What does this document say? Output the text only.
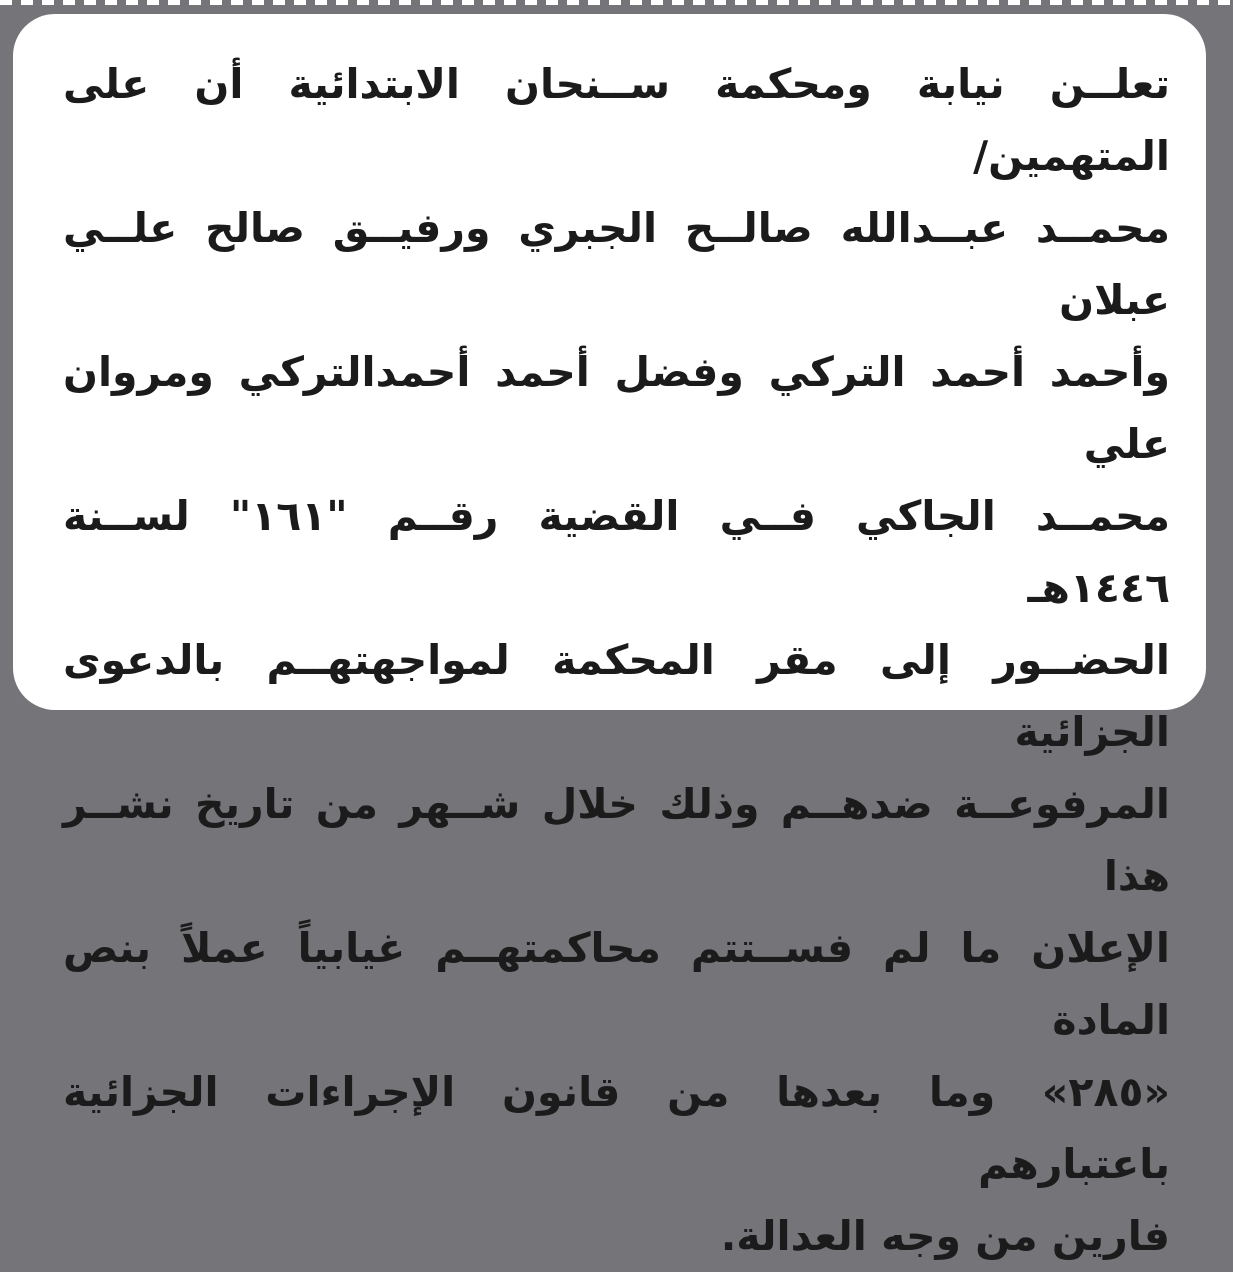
تعلــن نيابة ومحكمة ســنحان الابتدائية أن على المتهمين/
محمــد عبــدالله صالــح الجبري ورفيــق صالح علــي عبلان
وأحمد أحمد التركي وفضل أحمد أحمدالتركي ومروان علي
محمــد الجاكي فــي القضية رقــم "١٦١" لســنة ١٤٤٦هـ
الحضــور إلى مقر المحكمة لمواجهتهــم بالدعوى الجزائية
المرفوعــة ضدهــم وذلك خلال شــهر من تاريخ نشــر هذا
الإعلان ما لم فســتتم محاكمتهــم غيابياً عملاً بنص المادة
«٢٨٥» وما بعدها من قانون الإجراءات الجزائية باعتبارهم
فارين من وجه العدالة.
